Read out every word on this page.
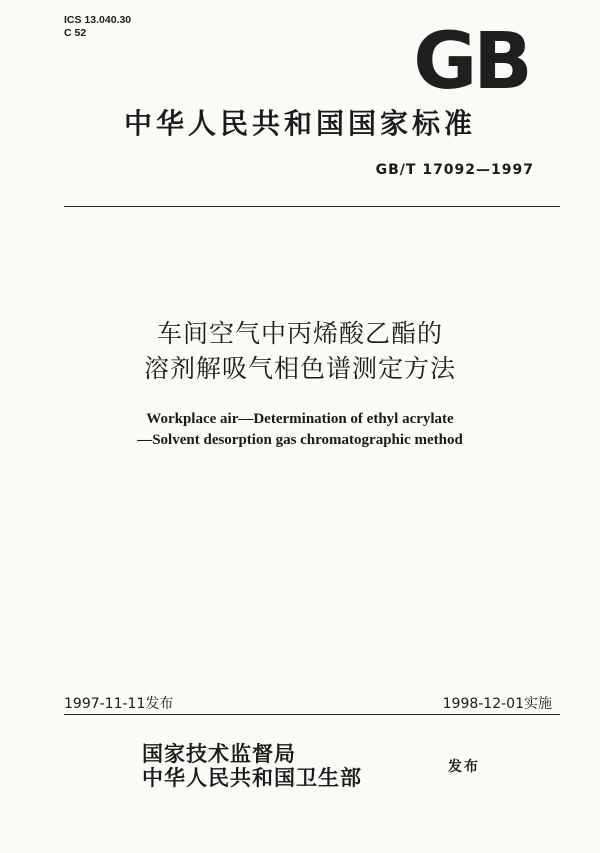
ICS 13.040.30
C 52	GB
中华人民共和国国家标准
GB/T 17092—1997
车间空气中丙烯酸乙酯的
溶剂解吸气相色谱测定方法
Workplace air—Determination of ethyl acrylate
—Solvent desorption gas chromatographic method
1997-11-11发布	1998-12-01实施
国家技术监督局
中华人民共和国卫生部	发布
